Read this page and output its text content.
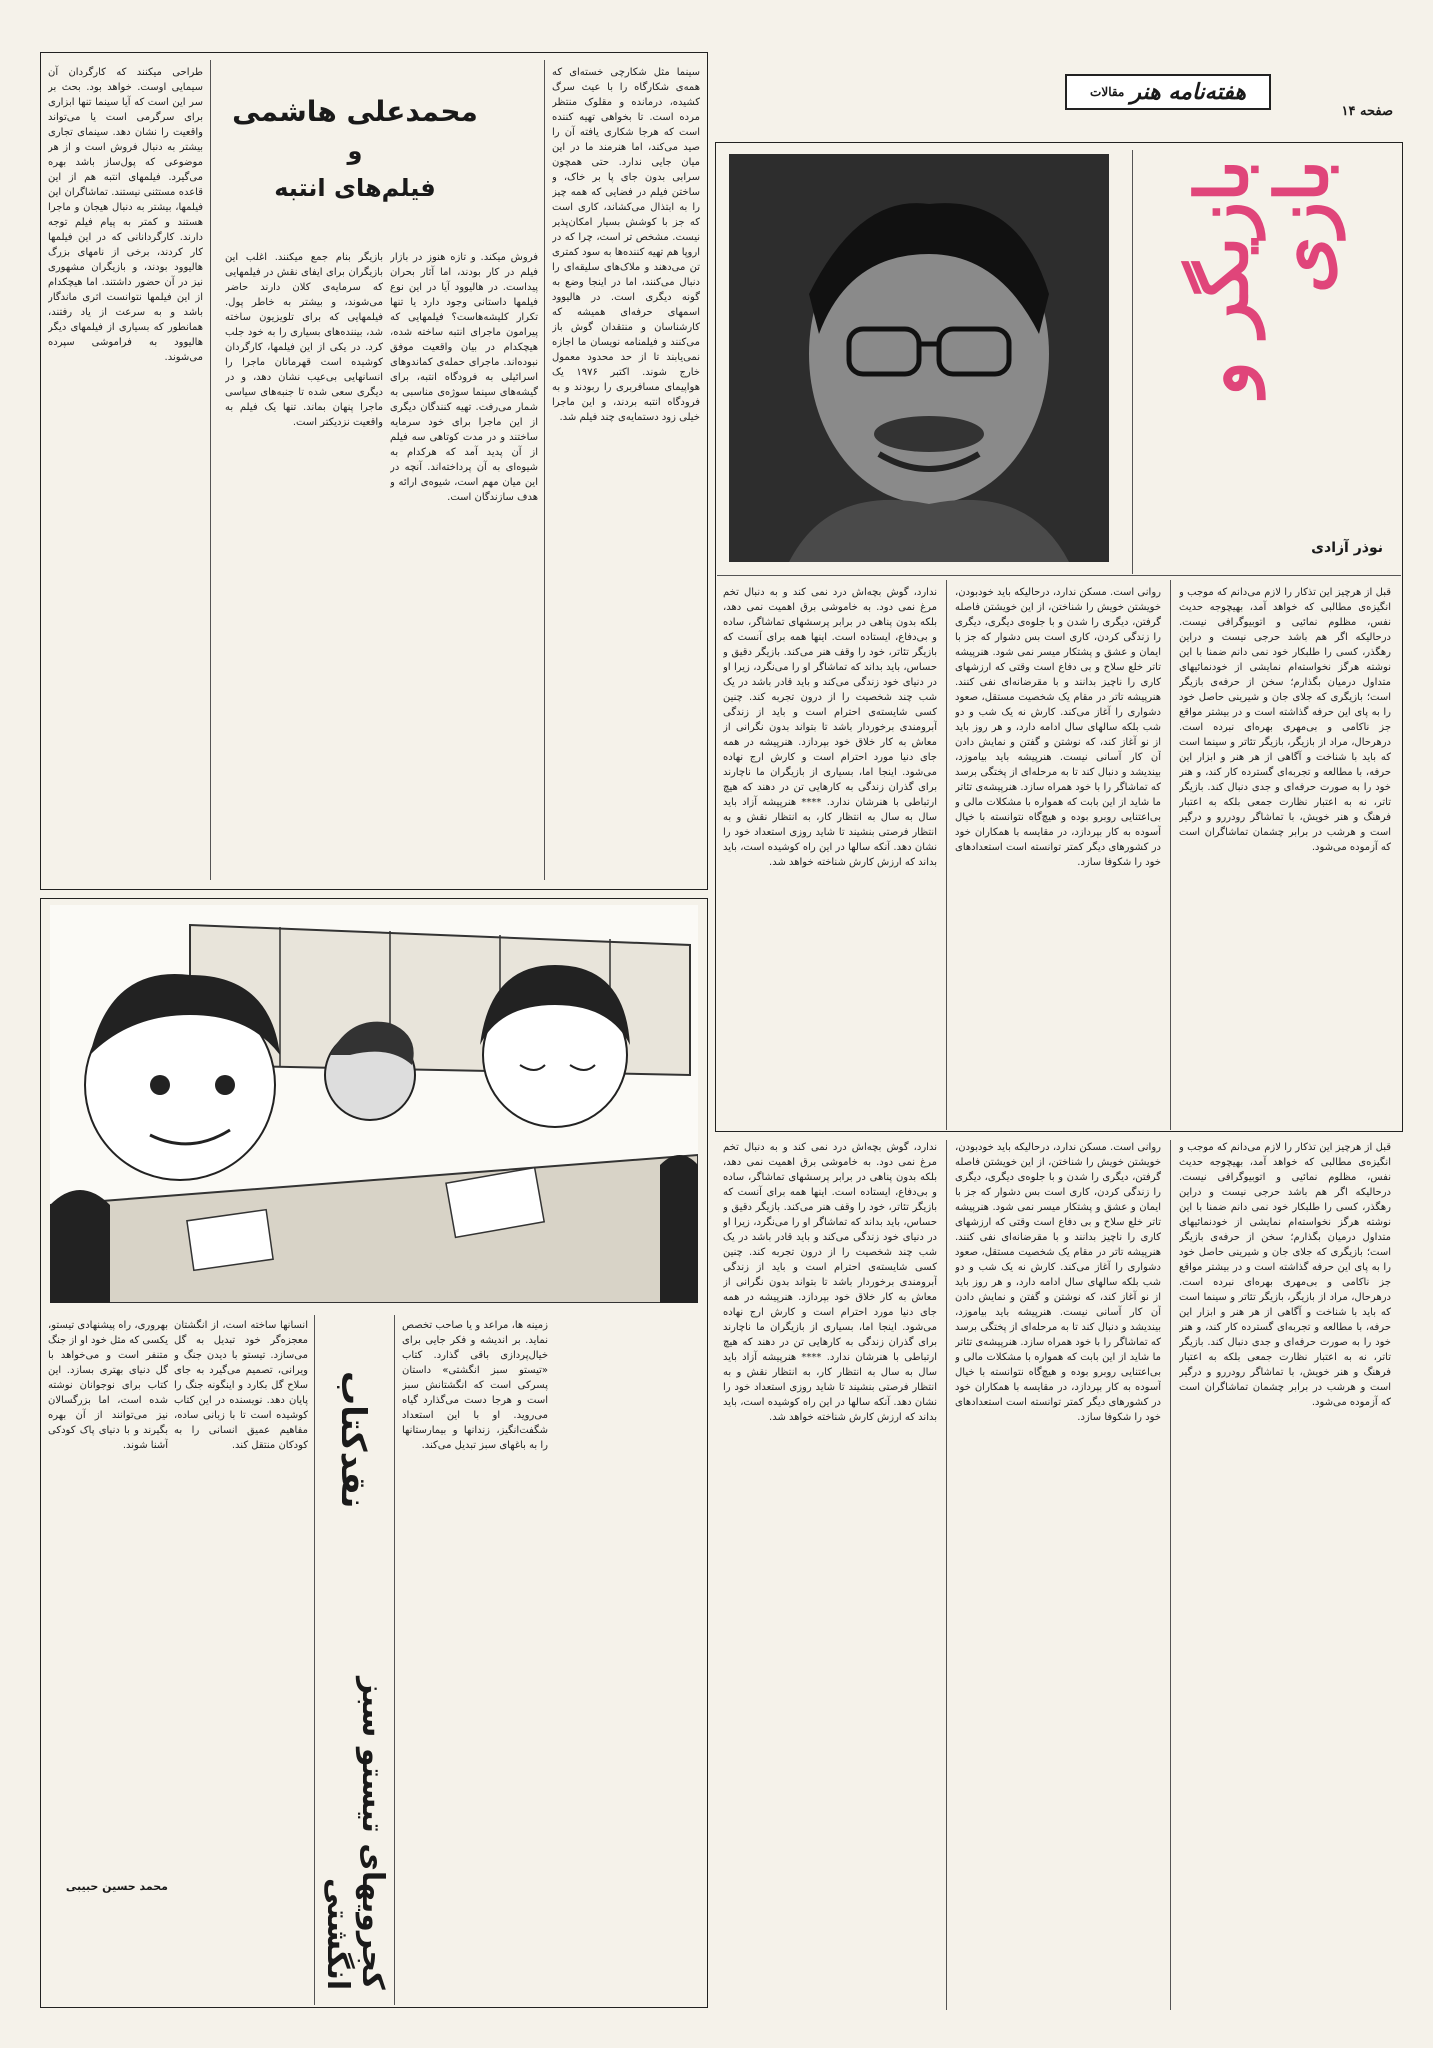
هفته‌نامه هنر
مقالات
صفحه ۱۴
بازیگر و بازی
نوذر آزادی
قبل از هرچیز این تذکار را لازم می‌دانم که موجب و انگیزه‌ی مطالبی که خواهد آمد، بهیچوجه حدیث نفس، مظلوم نمائیی و اتوبیوگرافی نیست. درحالیکه اگر هم باشد حرجی نیست و دراین رهگذر، کسی را طلبکار خود نمی دانم ضمنا با این نوشته هرگز نخواسته‌ام نمایشی از خودنمائیهای متداول درمیان بگذارم؛ سخن از حرفه‌ی بازیگر است؛ بازیگری که جلای جان و شیرینی حاصل خود را به پای این حرفه گذاشته است و در بیشتر مواقع جز ناکامی و بی‌مهری بهره‌ای نبرده است. درهرحال، مراد از بازیگر، بازیگر تئاتر و سینما است که باید با شناخت و آگاهی از هر هنر و ابزار این حرفه، با مطالعه و تجربه‌ای گسترده کار کند، و هنر خود را به صورت حرفه‌ای و جدی دنبال کند. بازیگر تاتر، نه به اعتبار نظارت جمعی بلکه به اعتبار فرهنگ و هنر خویش، با تماشاگر رودررو و درگیر است و هرشب در برابر چشمان تماشاگران است که آزموده می‌شود.
روانی است. مسکن ندارد، درحالیکه باید خودبودن، خویشتن خویش را شناختن، از این خویشتن فاصله گرفتن، دیگری را شدن و با جلوه‌ی دیگری، دیگری را زندگی کردن، کاری است بس دشوار که جز با ایمان و عشق و پشتکار میسر نمی شود. هنرپیشه تاتر خلع سلاح و بی دفاع است وقتی که ارزشهای کاری را ناچیز بدانند و با مقرضانه‌ای نفی کنند. هنرپیشه تاتر در مقام یک شخصیت مستقل، صعود دشواری را آغاز می‌کند. کارش نه یک شب و دو شب بلکه سالهای سال ادامه دارد، و هر روز باید از نو آغاز کند، که نوشتن و گفتن و نمایش دادن آن کار آسانی نیست. هنرپیشه باید بیاموزد، بیندیشد و دنبال کند تا به مرحله‌ای از پختگی برسد که تماشاگر را با خود همراه سازد. هنرپیشه‌ی تئاتر ما شاید از این بابت که همواره با مشکلات مالی و بی‌اعتنایی روبرو بوده و هیچ‌گاه نتوانسته با خیال آسوده به کار بپردازد، در مقایسه با همکاران خود در کشورهای دیگر کمتر توانسته است استعدادهای خود را شکوفا سازد.
ندارد، گوش بچه‌اش درد نمی کند و به دنبال تخم مرغ نمی دود. به خاموشی برق اهمیت نمی دهد، بلکه بدون پناهی در برابر پرسشهای تماشاگر، ساده و بی‌دفاع، ایستاده است. اینها همه برای آنست که بازیگر تئاتر، خود را وقف هنر می‌کند. بازیگر دقیق و حساس، باید بداند که تماشاگر او را می‌نگرد، زیرا او در دنیای خود زندگی می‌کند و باید قادر باشد در یک شب چند شخصیت را از درون تجربه کند. چنین کسی شایسته‌ی احترام است و باید از زندگی آبرومندی برخوردار باشد تا بتواند بدون نگرانی از معاش به کار خلاق خود بپردازد. هنرپیشه در همه جای دنیا مورد احترام است و کارش ارج نهاده می‌شود. اینجا اما، بسیاری از بازیگران ما ناچارند برای گذران زندگی به کارهایی تن در دهند که هیچ ارتباطی با هنرشان ندارد. **** هنرپیشه آزاد باید سال به سال به انتظار کار، به انتظار نقش و به انتظار فرصتی بنشیند تا شاید روزی استعداد خود را نشان دهد. آنکه سالها در این راه کوشیده است، باید بداند که ارزش کارش شناخته خواهد شد.
محمدعلی هاشمی
و
فیلم‌های انتبه
سینما مثل شکارچی خسته‌ای که همه‌ی شکارگاه را با عیث سرگ کشیده، درمانده و مقلوک منتظر مرده است. تا بخواهی تهیه کننده است که هرجا شکاری یافته آن را صید می‌کند، اما هنرمند ما در این میان جایی ندارد. حتی همچون سرابی بدون جای پا بر خاک، و ساختن فیلم در فضایی که همه چیز را به ابتذال می‌کشاند، کاری است که جز با کوشش بسیار امکان‌پذیر نیست. مشخص تر است، چرا که در اروپا هم تهیه کننده‌ها به سود کمتری تن می‌دهند و ملاک‌های سلیقه‌ای را دنبال می‌کنند، اما در اینجا وضع به گونه دیگری است. در هالیوود اسمهای حرفه‌ای همیشه که کارشناسان و منتقدان گوش باز می‌کنند و فیلمنامه نویسان ما اجازه نمی‌یابند تا از حد محدود معمول خارج شوند. اکتبر ۱۹۷۶ یک هواپیمای مسافربری را ربودند و به فرودگاه انتبه بردند، و این ماجرا خیلی زود دستمایه‌ی چند فیلم شد.
فروش میکند. و تازه هنوز در بازار فیلم در کار بودند، اما آثار بحران پیداست. در هالیوود آیا در این نوع فیلمها داستانی وجود دارد یا تنها تکرار کلیشه‌هاست؟ فیلمهایی که پیرامون ماجرای انتبه ساخته شده، هیچکدام در بیان واقعیت موفق نبوده‌اند. ماجرای حمله‌ی کماندوهای اسرائیلی به فرودگاه انتبه، برای گیشه‌های سینما سوژه‌ی مناسبی به شمار می‌رفت. تهیه کنندگان دیگری از این ماجرا برای خود سرمایه ساختند و در مدت کوتاهی سه فیلم از آن پدید آمد که هرکدام به شیوه‌ای به آن پرداخته‌اند. آنچه در این میان مهم است، شیوه‌ی ارائه و هدف سازندگان است.
بازیگر بنام جمع میکنند. اغلب این بازیگران برای ایفای نقش در فیلمهایی که سرمایه‌ی کلان دارند حاضر می‌شوند، و بیشتر به خاطر پول. فیلمهایی که برای تلویزیون ساخته شد، بیننده‌های بسیاری را به خود جلب کرد. در یکی از این فیلمها، کارگردان کوشیده است قهرمانان ماجرا را انسانهایی بی‌عیب نشان دهد، و در دیگری سعی شده تا جنبه‌های سیاسی ماجرا پنهان بماند. تنها یک فیلم به واقعیت نزدیکتر است.
طراحی میکنند که کارگردان آن سیمایی اوست. خواهد بود. بحث بر سر این است که آیا سینما تنها ابزاری برای سرگرمی است یا می‌تواند واقعیت را نشان دهد. سینمای تجاری بیشتر به دنبال فروش است و از هر موضوعی که پول‌ساز باشد بهره می‌گیرد. فیلمهای انتبه هم از این قاعده مستثنی نیستند. تماشاگران این فیلمها، بیشتر به دنبال هیجان و ماجرا هستند و کمتر به پیام فیلم توجه دارند. کارگردانانی که در این فیلمها کار کردند، برخی از نامهای بزرگ هالیوود بودند، و بازیگران مشهوری نیز در آن حضور داشتند. اما هیچکدام از این فیلمها نتوانست اثری ماندگار باشد و به سرعت از یاد رفتند، همانطور که بسیاری از فیلمهای دیگر هالیوود به فراموشی سپرده می‌شوند.
نقدکتاب
کجرویهای تیستو سبز انگشتی
زمینه ها، مراعد و یا صاحب تخصص نماید. بر اندیشه و فکر جایی برای خیال‌پردازی باقی گذارد. کتاب «تیستو سبز انگشتی» داستان پسرکی است که انگشتانش سبز است و هرجا دست می‌گذارد گیاه می‌روید. او با این استعداد شگفت‌انگیز، زندانها و بیمارستانها را به باغهای سبز تبدیل می‌کند.
انسانها ساخته است، از انگشتان معجزه‌گر خود تبدیل به گل می‌سازد. تیستو با دیدن جنگ و ویرانی، تصمیم می‌گیرد به جای سلاح گل بکارد و اینگونه جنگ را پایان دهد. نویسنده در این کتاب کوشیده است تا با زبانی ساده، مفاهیم عمیق انسانی را به کودکان منتقل کند.
بهروری، راه پیشنهادی تیستو، یکسی که مثل خود او از جنگ متنفر است و می‌خواهد با گل دنیای بهتری بسازد. این کتاب برای نوجوانان نوشته شده است، اما بزرگسالان نیز می‌توانند از آن بهره بگیرند و با دنیای پاک کودکی آشنا شوند.
محمد حسین حبیبی
قبل از هرچیز این تذکار را لازم می‌دانم که موجب و انگیزه‌ی مطالبی که خواهد آمد، بهیچوجه حدیث نفس، مظلوم نمائیی و اتوبیوگرافی نیست. درحالیکه اگر هم باشد حرجی نیست و دراین رهگذر، کسی را طلبکار خود نمی دانم ضمنا با این نوشته هرگز نخواسته‌ام نمایشی از خودنمائیهای متداول درمیان بگذارم؛ سخن از حرفه‌ی بازیگر است؛ بازیگری که جلای جان و شیرینی حاصل خود را به پای این حرفه گذاشته است و در بیشتر مواقع جز ناکامی و بی‌مهری بهره‌ای نبرده است. درهرحال، مراد از بازیگر، بازیگر تئاتر و سینما است که باید با شناخت و آگاهی از هر هنر و ابزار این حرفه، با مطالعه و تجربه‌ای گسترده کار کند، و هنر خود را به صورت حرفه‌ای و جدی دنبال کند. بازیگر تاتر، نه به اعتبار نظارت جمعی بلکه به اعتبار فرهنگ و هنر خویش، با تماشاگر رودررو و درگیر است و هرشب در برابر چشمان تماشاگران است که آزموده می‌شود.
روانی است. مسکن ندارد، درحالیکه باید خودبودن، خویشتن خویش را شناختن، از این خویشتن فاصله گرفتن، دیگری را شدن و با جلوه‌ی دیگری، دیگری را زندگی کردن، کاری است بس دشوار که جز با ایمان و عشق و پشتکار میسر نمی شود. هنرپیشه تاتر خلع سلاح و بی دفاع است وقتی که ارزشهای کاری را ناچیز بدانند و با مقرضانه‌ای نفی کنند. هنرپیشه تاتر در مقام یک شخصیت مستقل، صعود دشواری را آغاز می‌کند. کارش نه یک شب و دو شب بلکه سالهای سال ادامه دارد، و هر روز باید از نو آغاز کند، که نوشتن و گفتن و نمایش دادن آن کار آسانی نیست. هنرپیشه باید بیاموزد، بیندیشد و دنبال کند تا به مرحله‌ای از پختگی برسد که تماشاگر را با خود همراه سازد. هنرپیشه‌ی تئاتر ما شاید از این بابت که همواره با مشکلات مالی و بی‌اعتنایی روبرو بوده و هیچ‌گاه نتوانسته با خیال آسوده به کار بپردازد، در مقایسه با همکاران خود در کشورهای دیگر کمتر توانسته است استعدادهای خود را شکوفا سازد.
ندارد، گوش بچه‌اش درد نمی کند و به دنبال تخم مرغ نمی دود. به خاموشی برق اهمیت نمی دهد، بلکه بدون پناهی در برابر پرسشهای تماشاگر، ساده و بی‌دفاع، ایستاده است. اینها همه برای آنست که بازیگر تئاتر، خود را وقف هنر می‌کند. بازیگر دقیق و حساس، باید بداند که تماشاگر او را می‌نگرد، زیرا او در دنیای خود زندگی می‌کند و باید قادر باشد در یک شب چند شخصیت را از درون تجربه کند. چنین کسی شایسته‌ی احترام است و باید از زندگی آبرومندی برخوردار باشد تا بتواند بدون نگرانی از معاش به کار خلاق خود بپردازد. هنرپیشه در همه جای دنیا مورد احترام است و کارش ارج نهاده می‌شود. اینجا اما، بسیاری از بازیگران ما ناچارند برای گذران زندگی به کارهایی تن در دهند که هیچ ارتباطی با هنرشان ندارد. **** هنرپیشه آزاد باید سال به سال به انتظار کار، به انتظار نقش و به انتظار فرصتی بنشیند تا شاید روزی استعداد خود را نشان دهد. آنکه سالها در این راه کوشیده است، باید بداند که ارزش کارش شناخته خواهد شد.
